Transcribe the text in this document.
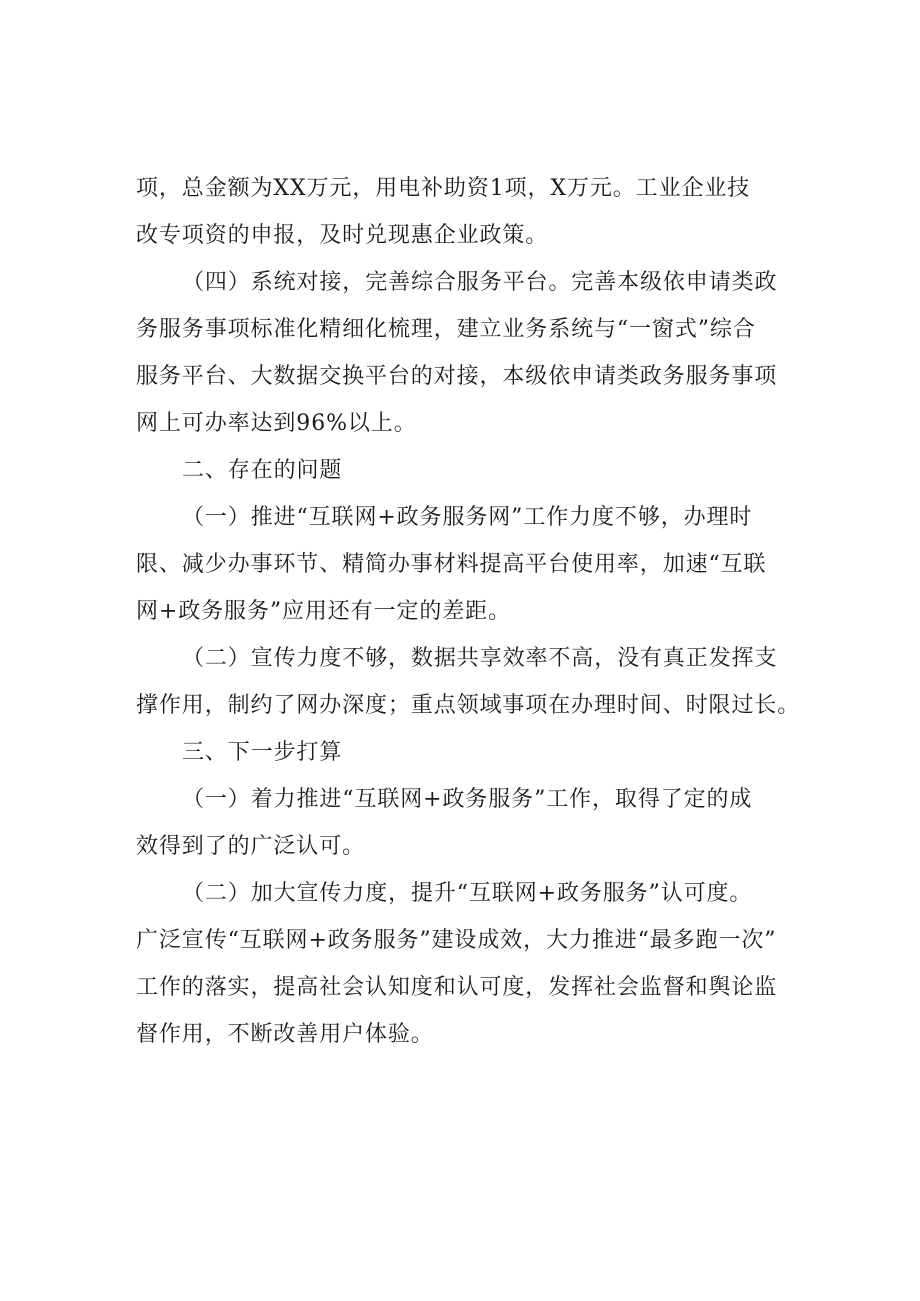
项，总金额为XX万元，用电补助资1项，X万元。工业企业技
改专项资的申报，及时兑现惠企业政策。
（四）系统对接，完善综合服务平台。完善本级依申请类政
务服务事项标准化精细化梳理，建立业务系统与“一窗式”综合
服务平台、大数据交换平台的对接，本级依申请类政务服务事项
网上可办率达到96%以上。
二、存在的问题
（一）推进“互联网+政务服务网”工作力度不够，办理时
限、减少办事环节、精简办事材料提高平台使用率，加速“互联
网+政务服务”应用还有一定的差距。
（二）宣传力度不够，数据共享效率不高，没有真正发挥支
撑作用，制约了网办深度；重点领域事项在办理时间、时限过长。
三、下一步打算
（一）着力推进“互联网+政务服务”工作，取得了定的成
效得到了的广泛认可。
（二）加大宣传力度，提升“互联网+政务服务”认可度。
广泛宣传“互联网+政务服务”建设成效，大力推进“最多跑一次”
工作的落实，提高社会认知度和认可度，发挥社会监督和舆论监
督作用，不断改善用户体验。
